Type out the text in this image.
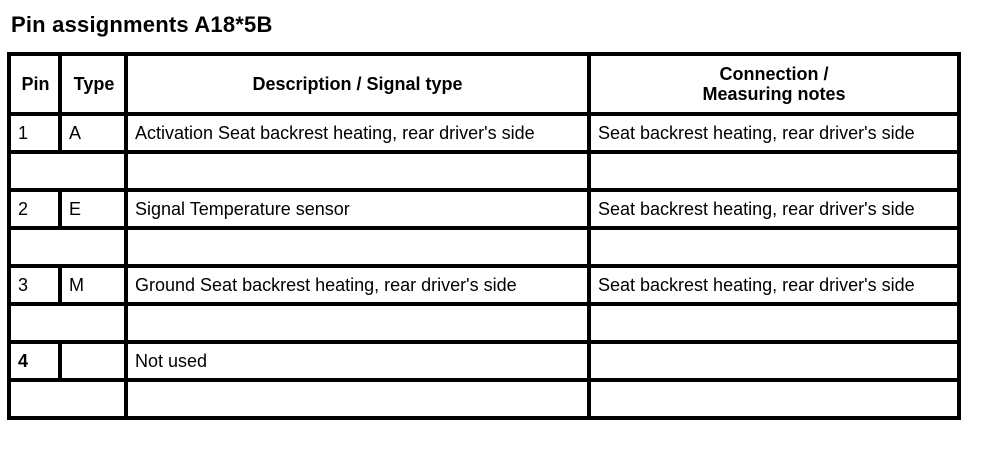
Pin assignments A18*5B
Pin	Type	Description / Signal type	Connection /
Measuring notes
1	A	Activation Seat backrest heating, rear driver's side	Seat backrest heating, rear driver's side

2	E	Signal Temperature sensor	Seat backrest heating, rear driver's side

3	M	Ground Seat backrest heating, rear driver's side	Seat backrest heating, rear driver's side

4		Not used	
